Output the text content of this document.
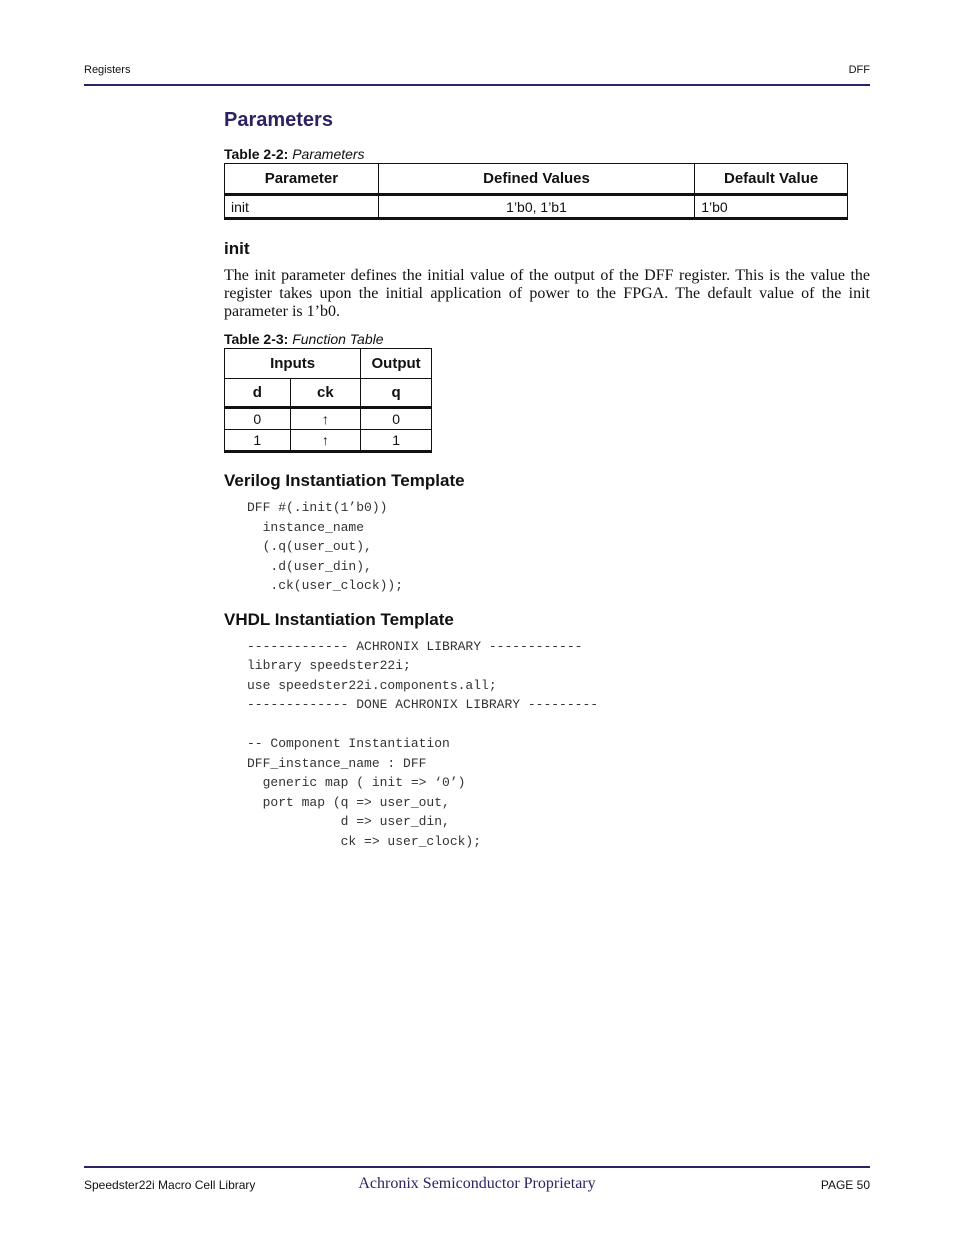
Registers	DFF
Parameters
Table 2-2: Parameters
Parameter	Defined Values	Default Value
init	1’b0, 1’b1	1’b0
init

The init parameter defines the initial value of the output of the DFF register. This is the value the register takes upon the initial application of power to the FPGA. The default value of the init parameter is 1’b0.

Table 2-3: Function Table
Inputs		Output
d	ck	q
0	↑	0
1	↑	1
Verilog Instantiation Template
DFF #(.init(1’b0))
instance_name
(.q(user_out),
.d(user_din),
.ck(user_clock));
VHDL Instantiation Template
------------- ACHRONIX LIBRARY ------------
library speedster22i;
use speedster22i.components.all;
------------- DONE ACHRONIX LIBRARY ---------

-- Component Instantiation
DFF_instance_name : DFF
generic map ( init => ‘0’)
port map (q => user_out,
d => user_din,
ck => user_clock);
Speedster22i Macro Cell Library	Achronix Semiconductor Proprietary	PAGE 50
